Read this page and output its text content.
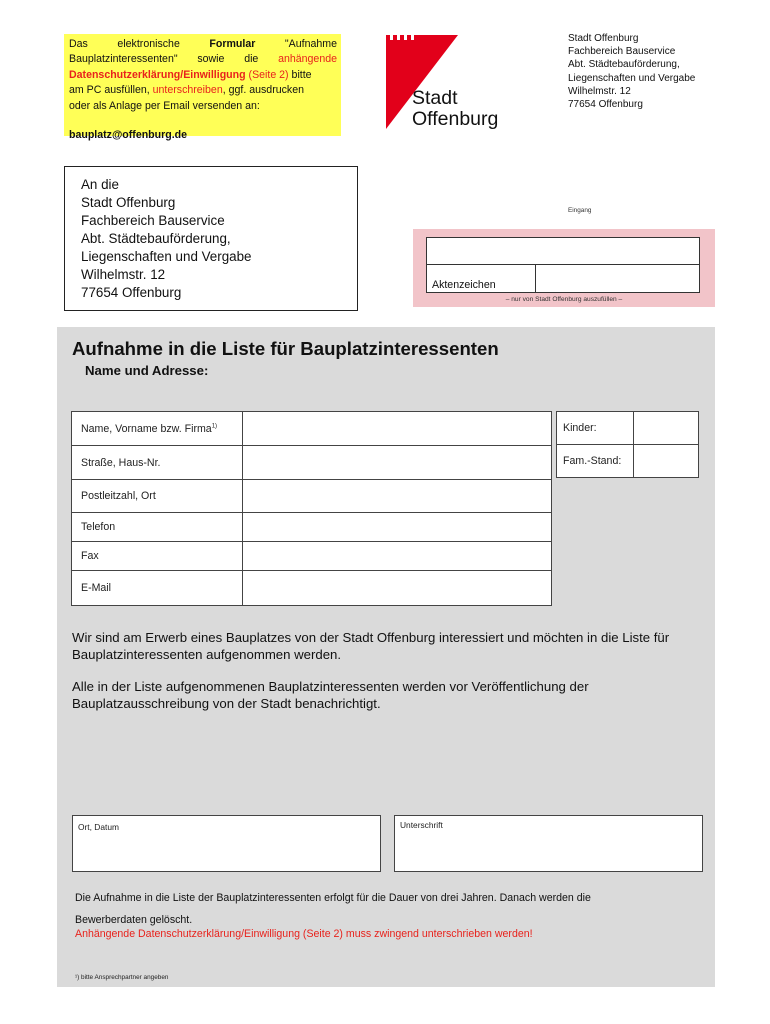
Das	elektronische	Formular	"Aufnahme
Bauplatzinteressenten" sowie die anhängende

Datenschutzerklärung/Einwilligung (Seite 2) bitte

am PC ausfüllen, unterschreiben, ggf. ausdrucken

oder als Anlage per Email versenden an:

bauplatz@offenburg.de

Stadt
Offenburg
Stadt Offenburg
Fachbereich Bauservice
Abt. Städtebauförderung,
Liegenschaften und Vergabe
Wilhelmstr. 12
77654 Offenburg
An die
Stadt Offenburg
Fachbereich Bauservice
Abt. Städtebauförderung,
Liegenschaften und Vergabe
Wilhelmstr. 12
77654 Offenburg
Eingang
Aktenzeichen
– nur von Stadt Offenburg auszufüllen –
Aufnahme in die Liste für Bauplatzinteressenten
Name und Adresse:
Name, Vorname bzw. Firma$^{1)}$	
Straße, Haus-Nr.	
Postleitzahl, Ort	
Telefon	
Fax	
E-Mail	
Kinder:	
Fam.-Stand:	
Wir sind am Erwerb eines Bauplatzes von der Stadt Offenburg interessiert und möchten in die Liste für Bauplatzinteressenten aufgenommen werden.
Alle in der Liste aufgenommenen Bauplatzinteressenten werden vor Veröffentlichung der Bauplatzausschreibung von der Stadt benachrichtigt.
Ort, Datum	Unterschrift
Die Aufnahme in die Liste der Bauplatzinteressenten erfolgt für die Dauer von drei Jahren. Danach werden die
Bewerberdaten gelöscht.
Anhängende Datenschutzerklärung/Einwilligung (Seite 2) muss zwingend unterschrieben werden!
¹) bitte Ansprechpartner angeben
